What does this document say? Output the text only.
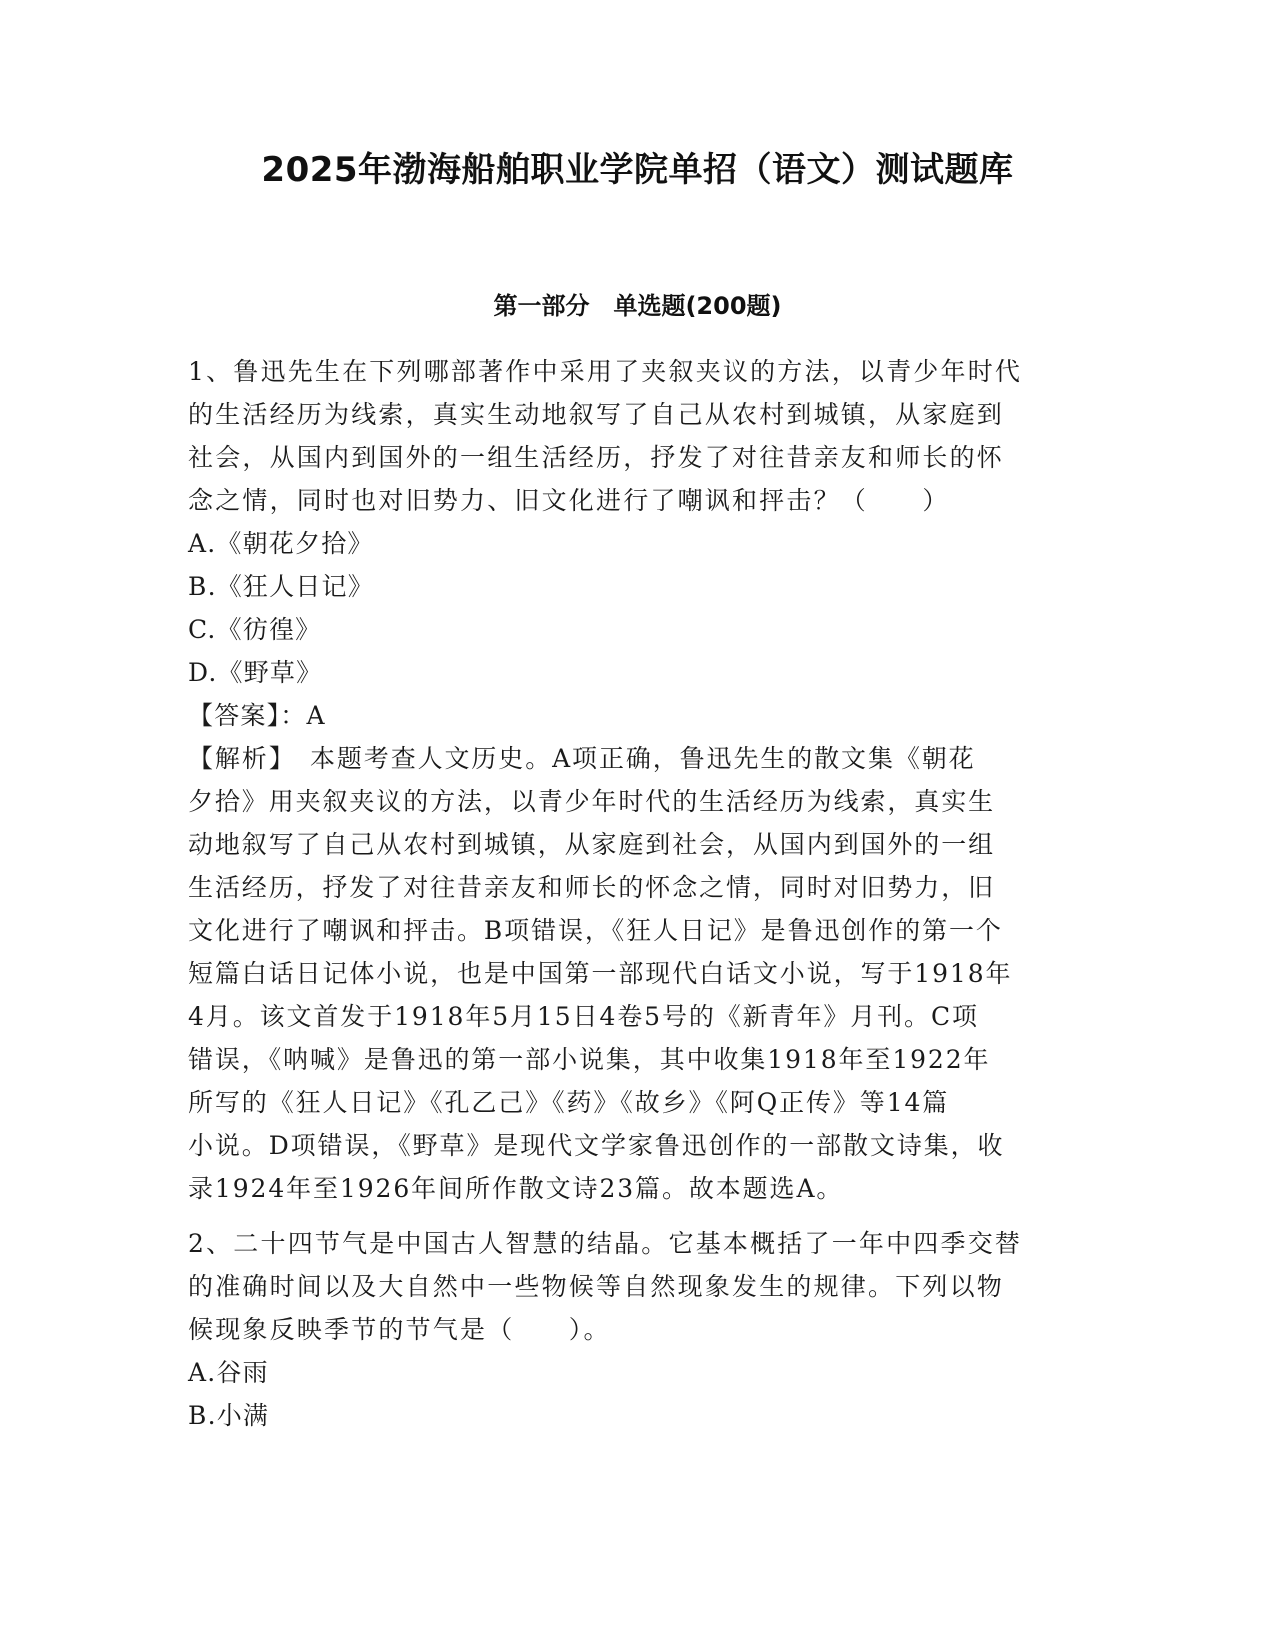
2025年渤海船舶职业学院单招（语文）测试题库
第一部分　单选题(200题)
1、鲁迅先生在下列哪部著作中采用了夹叙夹议的方法，以青少年时代
的生活经历为线索，真实生动地叙写了自己从农村到城镇，从家庭到
社会，从国内到国外的一组生活经历，抒发了对往昔亲友和师长的怀
念之情，同时也对旧势力、旧文化进行了嘲讽和抨击？（　　）
A.《朝花夕拾》
B.《狂人日记》
C.《彷徨》
D.《野草》
【答案】：A
【解析】　本题考查人文历史。A项正确，鲁迅先生的散文集《朝花
夕拾》用夹叙夹议的方法，以青少年时代的生活经历为线索，真实生
动地叙写了自己从农村到城镇，从家庭到社会，从国内到国外的一组
生活经历，抒发了对往昔亲友和师长的怀念之情，同时对旧势力，旧
文化进行了嘲讽和抨击。B项错误，《狂人日记》是鲁迅创作的第一个
短篇白话日记体小说，也是中国第一部现代白话文小说，写于1918年
4月。该文首发于1918年5月15日4卷5号的《新青年》月刊。C项
错误，《呐喊》是鲁迅的第一部小说集，其中收集1918年至1922年
所写的《狂人日记》《孔乙己》《药》《故乡》《阿Q正传》等14篇
小说。D项错误，《野草》是现代文学家鲁迅创作的一部散文诗集，收
录1924年至1926年间所作散文诗23篇。故本题选A。
2、二十四节气是中国古人智慧的结晶。它基本概括了一年中四季交替
的准确时间以及大自然中一些物候等自然现象发生的规律。下列以物
候现象反映季节的节气是（　　）。
A.谷雨
B.小满
